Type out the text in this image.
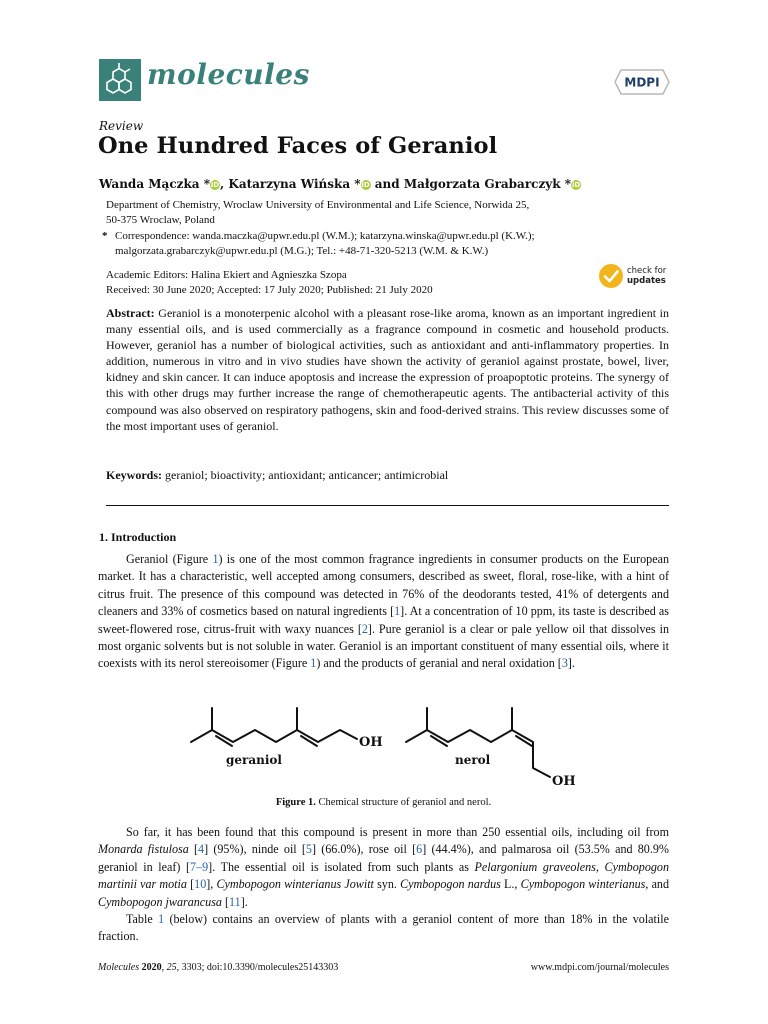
molecules	MDPI
Review
One Hundred Faces of Geraniol
Wanda Mączka *iD, Katarzyna Wińska *iD and Małgorzata Grabarczyk *iD
Department of Chemistry, Wroclaw University of Environmental and Life Science, Norwida 25,
50-375 Wroclaw, Poland
* Correspondence: wanda.maczka@upwr.edu.pl (W.M.); katarzyna.winska@upwr.edu.pl (K.W.);
malgorzata.grabarczyk@upwr.edu.pl (M.G.); Tel.: +48-71-320-5213 (W.M. & K.W.)
Academic Editors: Halina Ekiert and Agnieszka Szopa
Received: 30 June 2020; Accepted: 17 July 2020; Published: 21 July 2020
check for
updates
Abstract: Geraniol is a monoterpenic alcohol with a pleasant rose-like aroma, known as an important ingredient in many essential oils, and is used commercially as a fragrance compound in cosmetic and household products. However, geraniol has a number of biological activities, such as antioxidant and anti-inflammatory properties. In addition, numerous in vitro and in vivo studies have shown the activity of geraniol against prostate, bowel, liver, kidney and skin cancer. It can induce apoptosis and increase the expression of proapoptotic proteins. The synergy of this with other drugs may further increase the range of chemotherapeutic agents. The antibacterial activity of this compound was also observed on respiratory pathogens, skin and food-derived strains. This review discusses some of the most important uses of geraniol.
Keywords: geraniol; bioactivity; antioxidant; anticancer; antimicrobial
1. Introduction
Geraniol (Figure 1) is one of the most common fragrance ingredients in consumer products on the European market. It has a characteristic, well accepted among consumers, described as sweet, floral, rose-like, with a hint of citrus fruit. The presence of this compound was detected in 76% of the deodorants tested, 41% of detergents and cleaners and 33% of cosmetics based on natural ingredients [1]. At a concentration of 10 ppm, its taste is described as sweet-flowered rose, citrus-fruit with waxy nuances [2]. Pure geraniol is a clear or pale yellow oil that dissolves in most organic solvents but is not soluble in water. Geraniol is an important constituent of many essential oils, where it coexists with its nerol stereoisomer (Figure 1) and the products of geranial and neral oxidation [3].
OH
OH
geraniol	nerol
Figure 1. Chemical structure of geraniol and nerol.
So far, it has been found that this compound is present in more than 250 essential oils, including oil from Monarda fistulosa [4] (95%), ninde oil [5] (66.0%), rose oil [6] (44.4%), and palmarosa oil (53.5% and 80.9% geraniol in leaf) [7–9]. The essential oil is isolated from such plants as Pelargonium graveolens, Cymbopogon martinii var motia [10], Cymbopogon winterianus Jowitt syn. Cymbopogon nardus L., Cymbopogon winterianus, and Cymbopogon jwarancusa [11].
Table 1 (below) contains an overview of plants with a geraniol content of more than 18% in the volatile fraction.
Molecules 2020, 25, 3303; doi:10.3390/molecules25143303	www.mdpi.com/journal/molecules
